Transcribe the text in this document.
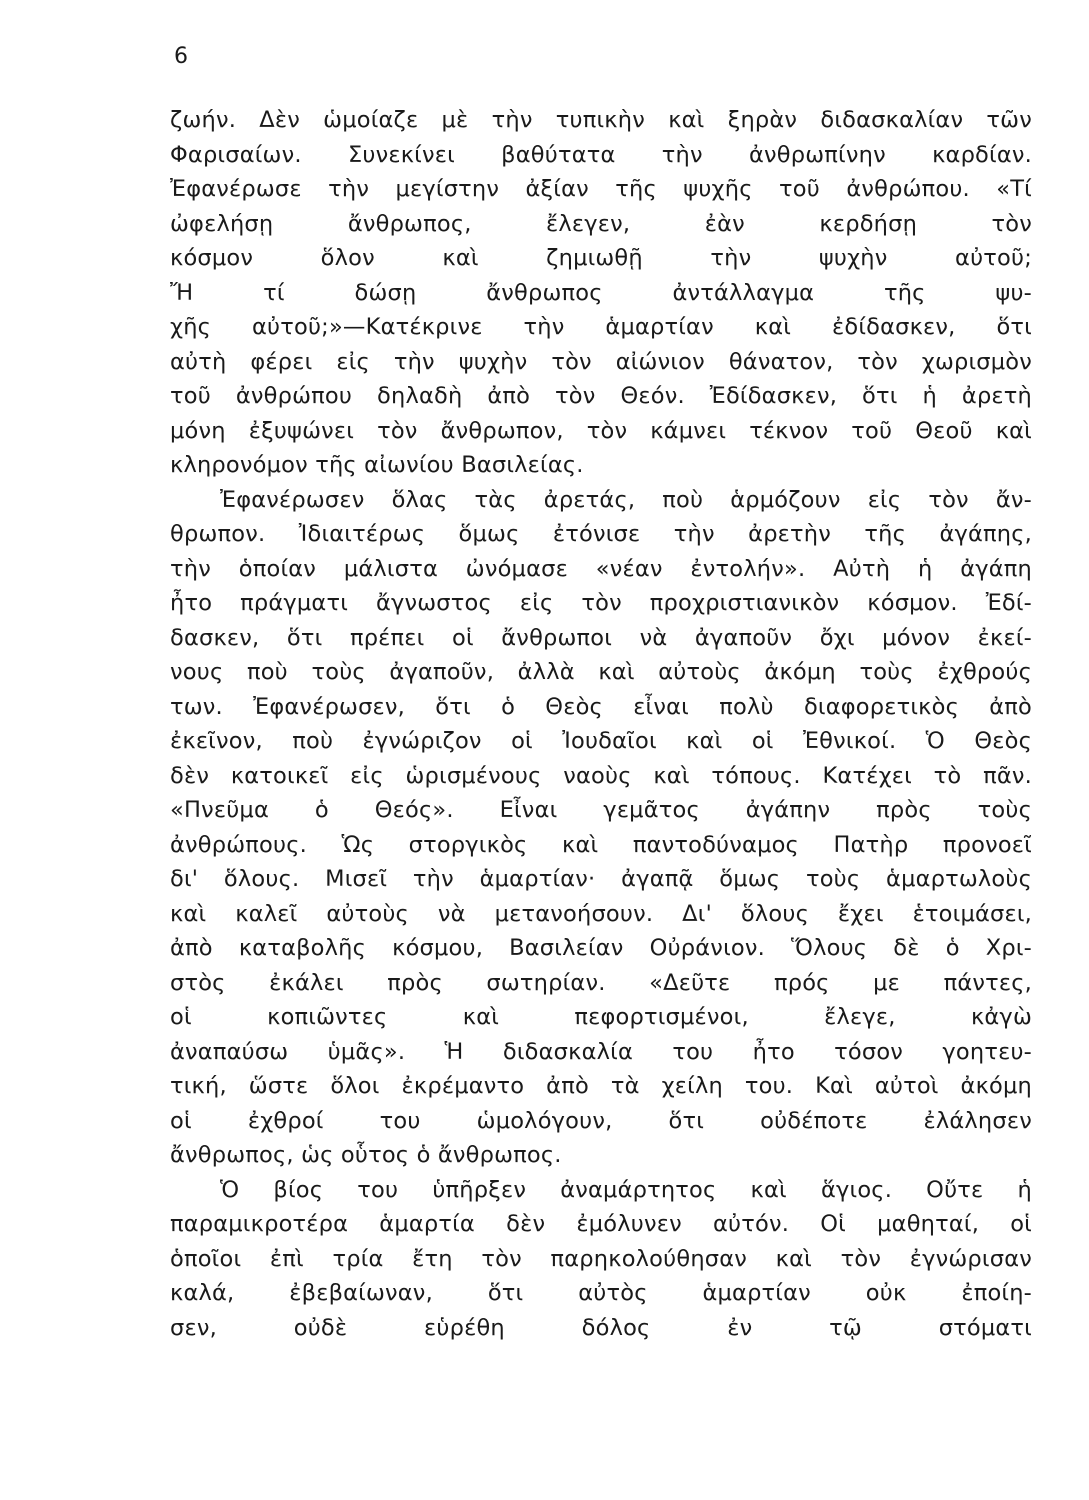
6
ζωήν. Δὲν ὡμοίαζε μὲ τὴν τυπικὴν καὶ ξηρὰν διδασκαλίαν τῶν
Φαρισαίων. Συνεκίνει βαθύτατα τὴν ἀνθρωπίνην καρδίαν.
Ἐφανέρωσε τὴν μεγίστην ἀξίαν τῆς ψυχῆς τοῦ ἀνθρώπου. «Τί
ὠφελήσῃ ἄνθρωπος, ἔλεγεν, ἐὰν κερδήσῃ τὸν
κόσμον ὅλον καὶ ζημιωθῇ τὴν ψυχὴν αὐτοῦ;
Ἤ τί δώσῃ ἄνθρωπος ἀντάλλαγμα τῆς ψυ-
χῆς αὐτοῦ;»—Κατέκρινε τὴν ἁμαρτίαν καὶ ἐδίδασκεν, ὅτι
αὐτὴ φέρει εἰς τὴν ψυχὴν τὸν αἰώνιον θάνατον, τὸν χωρισμὸν
τοῦ ἀνθρώπου δηλαδὴ ἀπὸ τὸν Θεόν. Ἐδίδασκεν, ὅτι ἡ ἀρετὴ
μόνη ἐξυψώνει τὸν ἄνθρωπον, τὸν κάμνει τέκνον τοῦ Θεοῦ καὶ
κληρονόμον τῆς αἰωνίου Βασιλείας.
Ἐφανέρωσεν ὅλας τὰς ἀρετάς, ποὺ ἁρμόζουν εἰς τὸν ἄν-
θρωπον. Ἰδιαιτέρως ὅμως ἐτόνισε τὴν ἀρετὴν τῆς ἀγάπης,
τὴν ὁποίαν μάλιστα ὠνόμασε «νέαν ἐντολήν». Αὐτὴ ἡ ἀγάπη
ἦτο πράγματι ἄγνωστος εἰς τὸν προχριστιανικὸν κόσμον. Ἐδί-
δασκεν, ὅτι πρέπει οἱ ἄνθρωποι νὰ ἀγαποῦν ὄχι μόνον ἐκεί-
νους ποὺ τοὺς ἀγαποῦν, ἀλλὰ καὶ αὐτοὺς ἀκόμη τοὺς ἐχθρούς
των. Ἐφανέρωσεν, ὅτι ὁ Θεὸς εἶναι πολὺ διαφορετικὸς ἀπὸ
ἐκεῖνον, ποὺ ἐγνώριζον οἱ Ἰουδαῖοι καὶ οἱ Ἐθνικοί. Ὁ Θεὸς
δὲν κατοικεῖ εἰς ὡρισμένους ναοὺς καὶ τόπους. Κατέχει τὸ πᾶν.
«Πνεῦμα ὁ Θεός». Εἶναι γεμᾶτος ἀγάπην πρὸς τοὺς
ἀνθρώπους. Ὡς στοργικὸς καὶ παντοδύναμος Πατὴρ προνοεῖ
δι' ὅλους. Μισεῖ τὴν ἁμαρτίαν· ἀγαπᾷ ὅμως τοὺς ἁμαρτωλοὺς
καὶ καλεῖ αὐτοὺς νὰ μετανοήσουν. Δι' ὅλους ἔχει ἑτοιμάσει,
ἀπὸ καταβολῆς κόσμου, Βασιλείαν Οὐράνιον. Ὅλους δὲ ὁ Χρι-
στὸς ἐκάλει πρὸς σωτηρίαν. «Δεῦτε πρός με πάντες,
οἱ κοπιῶντες καὶ πεφορτισμένοι, ἔλεγε, κἀγὼ
ἀναπαύσω ὑμᾶς». Ἡ διδασκαλία του ἦτο τόσον γοητευ-
τική, ὥστε ὅλοι ἐκρέμαντο ἀπὸ τὰ χείλη του. Καὶ αὐτοὶ ἀκόμη
οἱ ἐχθροί του ὡμολόγουν, ὅτι οὐδέποτε ἐλάλησεν
ἄνθρωπος, ὡς οὗτος ὁ ἄνθρωπος.
Ὁ βίος του ὑπῆρξεν ἀναμάρτητος καὶ ἅγιος. Οὔτε ἡ
παραμικροτέρα ἁμαρτία δὲν ἐμόλυνεν αὐτόν. Οἱ μαθηταί, οἱ
ὁποῖοι ἐπὶ τρία ἔτη τὸν παρηκολούθησαν καὶ τὸν ἐγνώρισαν
καλά, ἐβεβαίωναν, ὅτι αὐτὸς ἁμαρτίαν οὐκ ἐποίη-
σεν, οὐδὲ εὑρέθη δόλος ἐν τῷ στόματι
